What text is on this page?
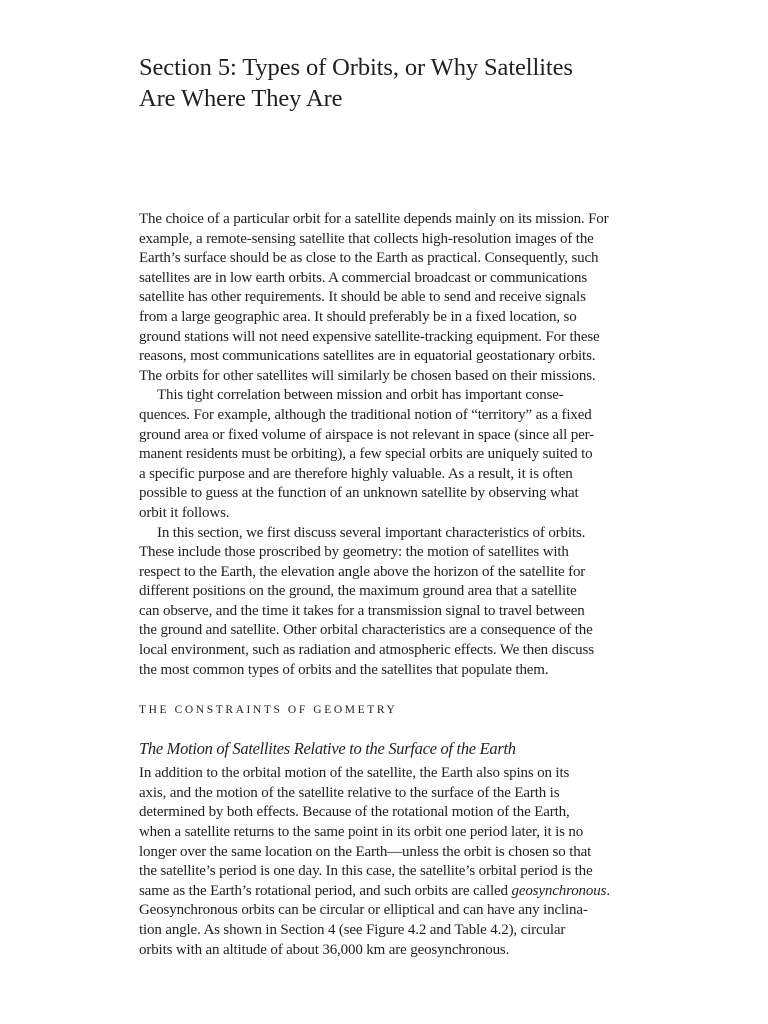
Section 5: Types of Orbits, or Why Satellites
Are Where They Are

The choice of a particular orbit for a satellite depends mainly on its mission. For
example, a remote-sensing satellite that collects high-resolution images of the
Earth’s surface should be as close to the Earth as practical. Consequently, such
satellites are in low earth orbits. A commercial broadcast or communications
satellite has other requirements. It should be able to send and receive signals
from a large geographic area. It should preferably be in a fixed location, so
ground stations will not need expensive satellite-tracking equipment. For these
reasons, most communications satellites are in equatorial geostationary orbits.
The orbits for other satellites will similarly be chosen based on their missions.

This tight correlation between mission and orbit has important conse-
quences. For example, although the traditional notion of “territory” as a fixed
ground area or fixed volume of airspace is not relevant in space (since all per-
manent residents must be orbiting), a few special orbits are uniquely suited to
a specific purpose and are therefore highly valuable. As a result, it is often
possible to guess at the function of an unknown satellite by observing what
orbit it follows.

In this section, we first discuss several important characteristics of orbits.
These include those proscribed by geometry: the motion of satellites with
respect to the Earth, the elevation angle above the horizon of the satellite for
different positions on the ground, the maximum ground area that a satellite
can observe, and the time it takes for a transmission signal to travel between
the ground and satellite. Other orbital characteristics are a consequence of the
local environment, such as radiation and atmospheric effects. We then discuss
the most common types of orbits and the satellites that populate them.

THE CONSTRAINTS OF GEOMETRY
The Motion of Satellites Relative to the Surface of the Earth

In addition to the orbital motion of the satellite, the Earth also spins on its
axis, and the motion of the satellite relative to the surface of the Earth is
determined by both effects. Because of the rotational motion of the Earth,
when a satellite returns to the same point in its orbit one period later, it is no
longer over the same location on the Earth—unless the orbit is chosen so that
the satellite’s period is one day. In this case, the satellite’s orbital period is the
same as the Earth’s rotational period, and such orbits are called geosynchronous.
Geosynchronous orbits can be circular or elliptical and can have any inclina-
tion angle. As shown in Section 4 (see Figure 4.2 and Table 4.2), circular
orbits with an altitude of about 36,000 km are geosynchronous.
